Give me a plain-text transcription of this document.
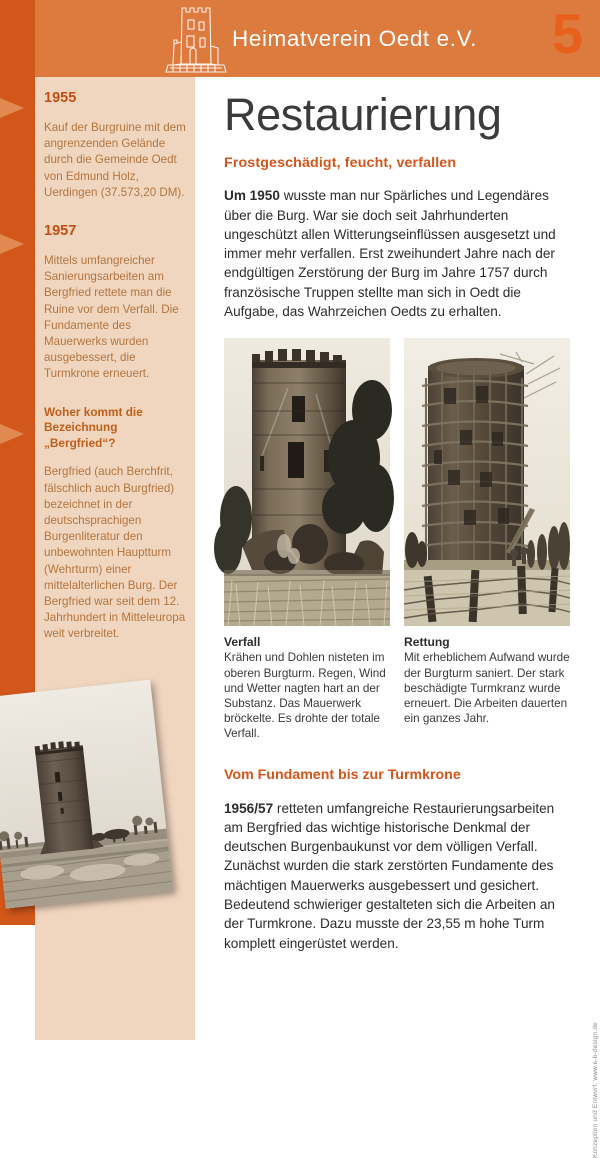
Heimatverein Oedt e.V. 5
1955
Kauf der Burgruine mit dem angrenzenden Gelände durch die Gemeinde Oedt von Edmund Holz, Uerdingen (37.573,20 DM).
1957
Mittels umfangreicher Sanierungsarbeiten am Bergfried rettete man die Ruine vor dem Verfall. Die Fundamente des Mauerwerks wurden ausgebessert, die Turmkrone erneuert.
Woher kommt die Bezeichnung „Bergfried“?
Bergfried (auch Berchfrit, fälschlich auch Burgfried) bezeichnet in der deutschsprachigen Burgenliteratur den unbewohnten Hauptturm (Wehrturm) einer mittelalterlichen Burg. Der Bergfried war seit dem 12. Jahrhundert in Mitteleuropa weit verbreitet.
Restaurierung
Frostgeschädigt, feucht, verfallen

Um 1950 wusste man nur Spärliches und Legendäres über die Burg. War sie doch seit Jahrhunderten ungeschützt allen Witterungseinflüssen ausgesetzt und immer mehr verfallen. Erst zweihundert Jahre nach der endgültigen Zerstörung der Burg im Jahre 1757 durch französische Truppen stellte man sich in Oedt die Aufgabe, das Wahrzeichen Oedts zu erhalten.

Verfall
Krähen und Dohlen nisteten im oberen Burgturm. Regen, Wind und Wetter nagten hart an der Substanz. Das Mauerwerk bröckelte. Es drohte der totale Verfall.
Rettung
Mit erheblichem Aufwand wurde der Burgturm saniert. Der stark beschädigte Turmkranz wurde erneuert. Die Arbeiten dauerten ein ganzes Jahr.
Vom Fundament bis zur Turmkrone

1956/57 retteten umfangreiche Restaurierungsarbeiten am Bergfried das wichtige historische Denkmal der deutschen Burgenbaukunst vor dem völligen Verfall. Zunächst wurden die stark zerstörten Fundamente des mächtigen Mauerwerks ausgebessert und gesichert. Bedeutend schwieriger gestalteten sich die Arbeiten an der Turmkrone. Dazu musste der 23,55 m hohe Turm komplett eingerüstet werden.

Konzeption und Entwurf: www.e-b-design.de
